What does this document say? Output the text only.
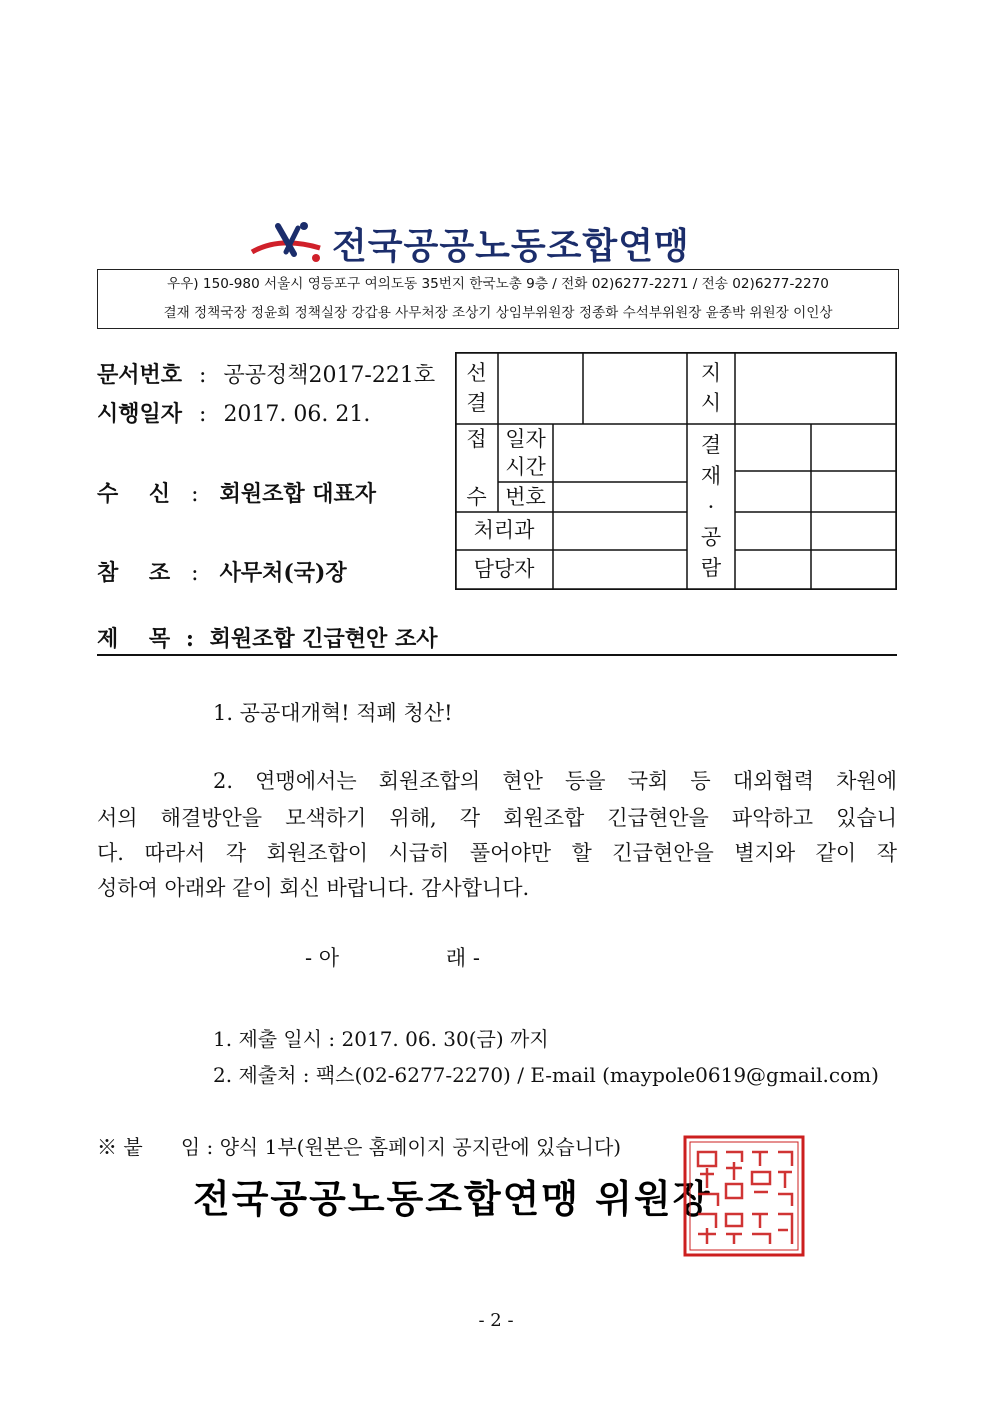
전국공공노동조합연맹
우우) 150-980 서울시 영등포구 여의도동 35번지 한국노총 9층 / 전화 02)6277-2271 / 전송 02)6277-2270
결재 정책국장 정윤희 정책실장 강갑용 사무처장 조상기 상임부위원장 정종화 수석부위원장 윤종박 위원장 이인상
문서번호 : 공공정책2017-221호
시행일자 : 2017. 06. 21.
수    신 : 회원조합 대표자
참    조 : 사무처(국)장
선
결
지
시
접
수
일자
시간
번호
처리과
담당자
결
재
·
공
람
제    목 : 회원조합 긴급현안 조사
1. 공공대개혁! 적폐 청산!
2. 연맹에서는 회원조합의 현안 등을 국회 등 대외협력 차원에
서의 해결방안을 모색하기 위해, 각 회원조합 긴급현안을 파악하고 있습니
다. 따라서 각 회원조합이 시급히 풀어야만 할 긴급현안을 별지와 같이 작
성하여 아래와 같이 회신 바랍니다. 감사합니다.
- 아                래 -
1. 제출 일시 : 2017. 06. 30(금) 까지
2. 제출처 : 팩스(02-6277-2270) / E-mail (maypole0619@gmail.com)
※ 붙      임 : 양식 1부(원본은 홈페이지 공지란에 있습니다)
전국공공노동조합연맹 위원장
- 2 -
